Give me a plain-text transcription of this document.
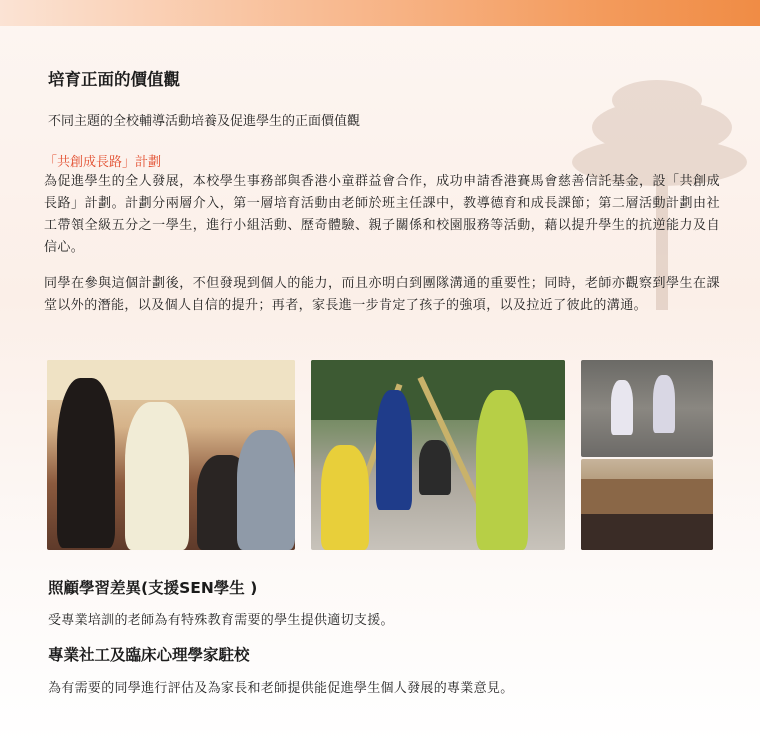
培育正面的價值觀

不同主題的全校輔導活動培養及促進學生的正面價值觀

「共創成長路」計劃

為促進學生的全人發展，本校學生事務部與香港小童群益會合作，成功申請香港賽馬會慈善信託基金，設「共創成長路」計劃。計劃分兩層介入，第一層培育活動由老師於班主任課中，教導德育和成長課節；第二層活動計劃由社工帶領全級五分之一學生，進行小組活動、歷奇體驗、親子關係和校園服務等活動，藉以提升學生的抗逆能力及自信心。

同學在參與這個計劃後，不但發現到個人的能力，而且亦明白到團隊溝通的重要性；同時，老師亦觀察到學生在課堂以外的潛能，以及個人自信的提升；再者，家長進一步肯定了孩子的強項，以及拉近了彼此的溝通。

照顧學習差異(支援SEN學生 )

受專業培訓的老師為有特殊教育需要的學生提供適切支援。

專業社工及臨床心理學家駐校

為有需要的同學進行評估及為家長和老師提供能促進學生個人發展的專業意見。
